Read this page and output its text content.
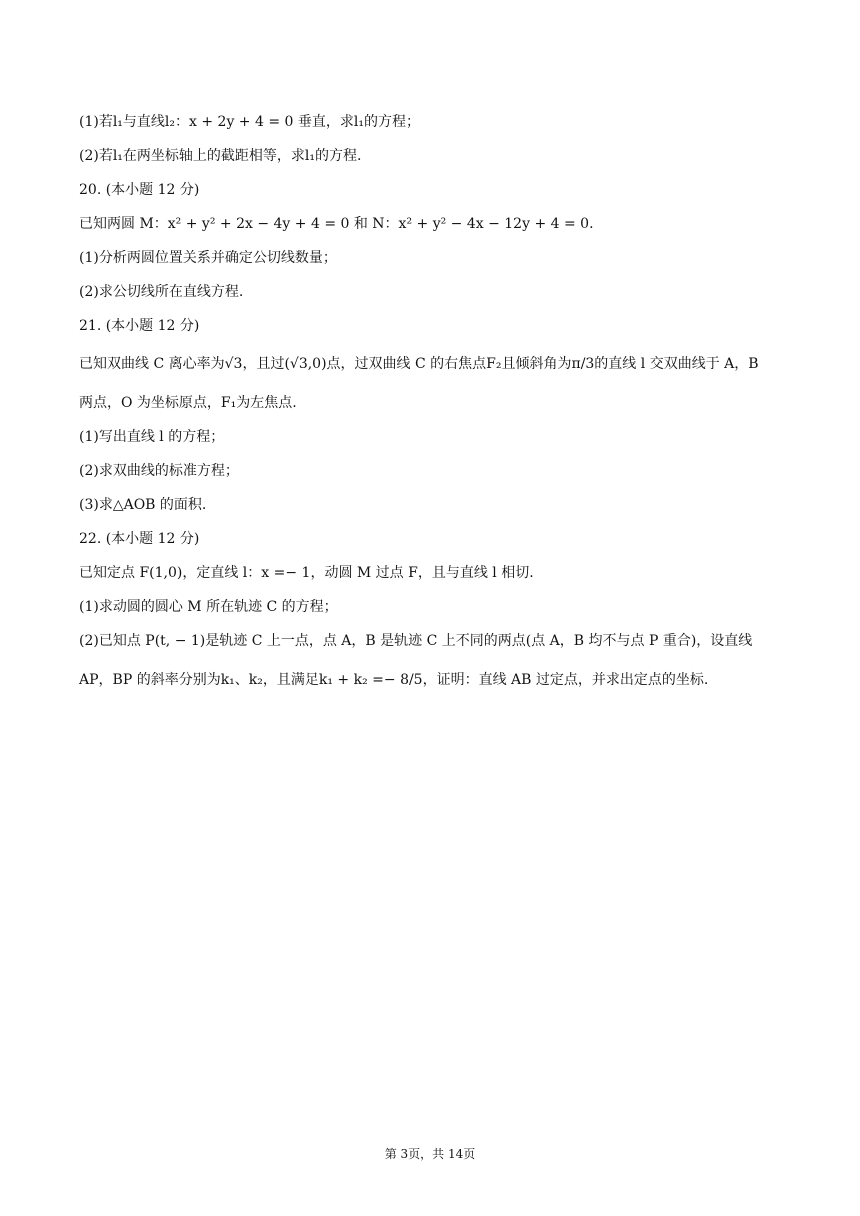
(1)若l₁与直线l₂：x + 2y + 4 = 0 垂直，求l₁的方程；
(2)若l₁在两坐标轴上的截距相等，求l₁的方程.
20. (本小题 12 分)
已知两圆 M：x² + y² + 2x − 4y + 4 = 0 和 N：x² + y² − 4x − 12y + 4 = 0.
(1)分析两圆位置关系并确定公切线数量；
(2)求公切线所在直线方程.
21. (本小题 12 分)
已知双曲线 C 离心率为√3，且过(√3,0)点，过双曲线 C 的右焦点F₂且倾斜角为π/3的直线 l 交双曲线于 A，B
两点，O 为坐标原点，F₁为左焦点.
(1)写出直线 l 的方程；
(2)求双曲线的标准方程；
(3)求△AOB 的面积.
22. (本小题 12 分)
已知定点 F(1,0)，定直线 l：x =− 1，动圆 M 过点 F，且与直线 l 相切.
(1)求动圆的圆心 M 所在轨迹 C 的方程；
(2)已知点 P(t, − 1)是轨迹 C 上一点，点 A，B 是轨迹 C 上不同的两点(点 A，B 均不与点 P 重合)，设直线
AP，BP 的斜率分别为k₁、k₂，且满足k₁ + k₂ =− 8/5，证明：直线 AB 过定点，并求出定点的坐标.
第 3页，共 14页
